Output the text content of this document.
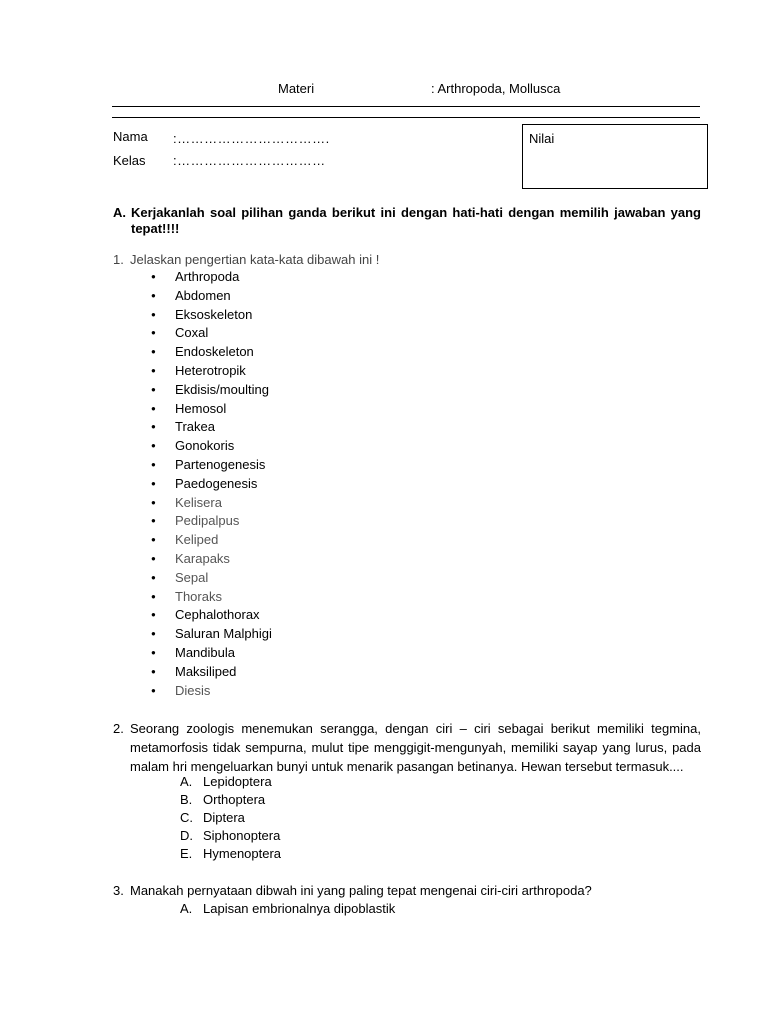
Materi	: Arthropoda, Mollusca
Nama :…………………………….
Kelas :……………………………
Nilai
A. Kerjakanlah soal pilihan ganda berikut ini dengan hati-hati dengan memilih jawaban yang tepat!!!!
1. Jelaskan pengertian kata-kata dibawah ini !
● Arthropoda
● Abdomen
● Eksoskeleton
● Coxal
● Endoskeleton
● Heterotropik
● Ekdisis/moulting
● Hemosol
● Trakea
● Gonokoris
● Partenogenesis
● Paedogenesis
● Kelisera
● Pedipalpus
● Keliped
● Karapaks
● Sepal
● Thoraks
● Cephalothorax
● Saluran Malphigi
● Mandibula
● Maksiliped
● Diesis
2. Seorang zoologis menemukan serangga, dengan ciri – ciri sebagai berikut memiliki tegmina, metamorfosis tidak sempurna, mulut tipe menggigit-mengunyah, memiliki sayap yang lurus, pada malam hri mengeluarkan bunyi untuk menarik pasangan betinanya. Hewan tersebut termasuk....
A. Lepidoptera
B. Orthoptera
C. Diptera
D. Siphonoptera
E. Hymenoptera
3. Manakah pernyataan dibwah ini yang paling tepat mengenai ciri-ciri arthropoda?
A. Lapisan embrionalnya dipoblastik
